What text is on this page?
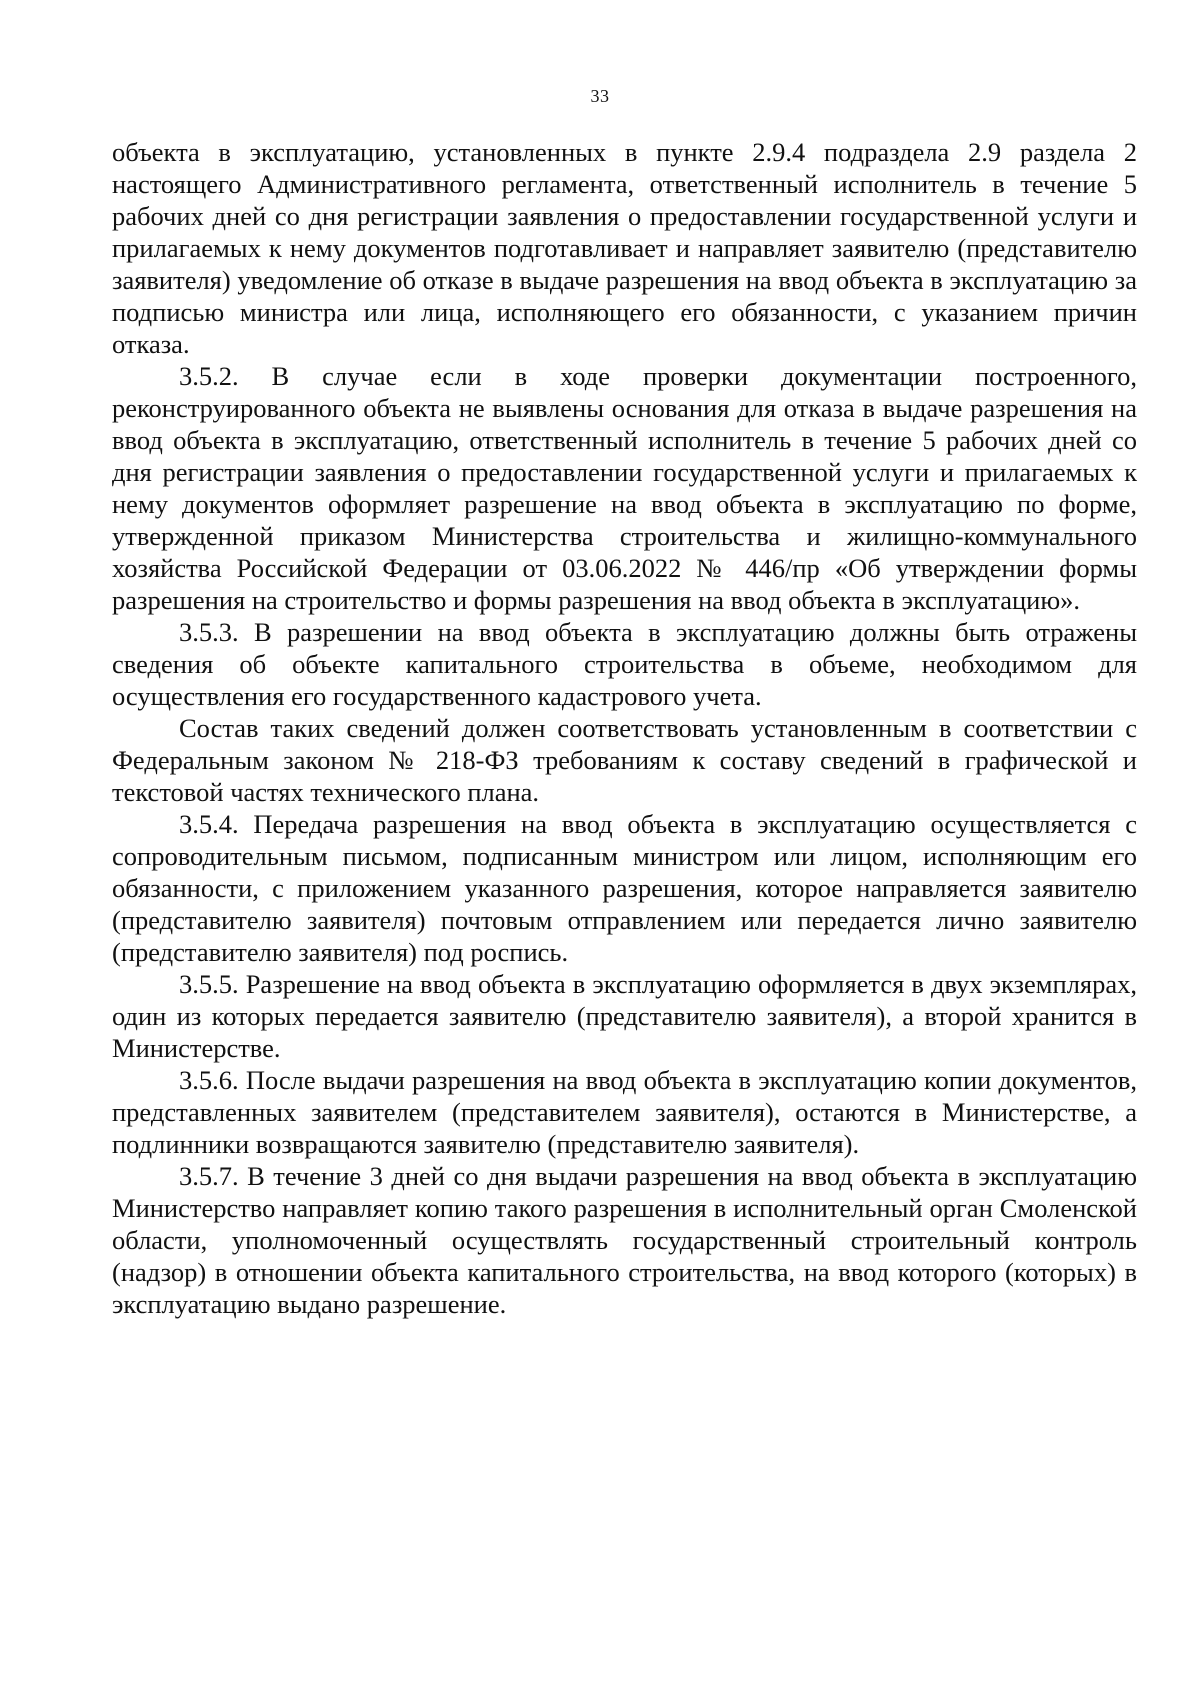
33

объекта в эксплуатацию, установленных в пункте 2.9.4 подраздела 2.9 раздела 2 настоящего Административного регламента, ответственный исполнитель в течение 5 рабочих дней со дня регистрации заявления о предоставлении государственной услуги и прилагаемых к нему документов подготавливает и направляет заявителю (представителю заявителя) уведомление об отказе в выдаче разрешения на ввод объекта в эксплуатацию за подписью министра или лица, исполняющего его обязанности, с указанием причин отказа.

3.5.2. В случае если в ходе проверки документации построенного, реконструированного объекта не выявлены основания для отказа в выдаче разрешения на ввод объекта в эксплуатацию, ответственный исполнитель в течение 5 рабочих дней со дня регистрации заявления о предоставлении государственной услуги и прилагаемых к нему документов оформляет разрешение на ввод объекта в эксплуатацию по форме, утвержденной приказом Министерства строительства и жилищно-коммунального хозяйства Российской Федерации от 03.06.2022 № 446/пр «Об утверждении формы разрешения на строительство и формы разрешения на ввод объекта в эксплуатацию».

3.5.3. В разрешении на ввод объекта в эксплуатацию должны быть отражены сведения об объекте капитального строительства в объеме, необходимом для осуществления его государственного кадастрового учета.

Состав таких сведений должен соответствовать установленным в соответствии с Федеральным законом № 218-ФЗ требованиям к составу сведений в графической и текстовой частях технического плана.

3.5.4. Передача разрешения на ввод объекта в эксплуатацию осуществляется с сопроводительным письмом, подписанным министром или лицом, исполняющим его обязанности, с приложением указанного разрешения, которое направляется заявителю (представителю заявителя) почтовым отправлением или передается лично заявителю (представителю заявителя) под роспись.

3.5.5. Разрешение на ввод объекта в эксплуатацию оформляется в двух экземплярах, один из которых передается заявителю (представителю заявителя), а второй хранится в Министерстве.

3.5.6. После выдачи разрешения на ввод объекта в эксплуатацию копии документов, представленных заявителем (представителем заявителя), остаются в Министерстве, а подлинники возвращаются заявителю (представителю заявителя).

3.5.7. В течение 3 дней со дня выдачи разрешения на ввод объекта в эксплуатацию Министерство направляет копию такого разрешения в исполнительный орган Смоленской области, уполномоченный осуществлять государственный строительный контроль (надзор) в отношении объекта капитального строительства, на ввод которого (которых) в эксплуатацию выдано разрешение.
